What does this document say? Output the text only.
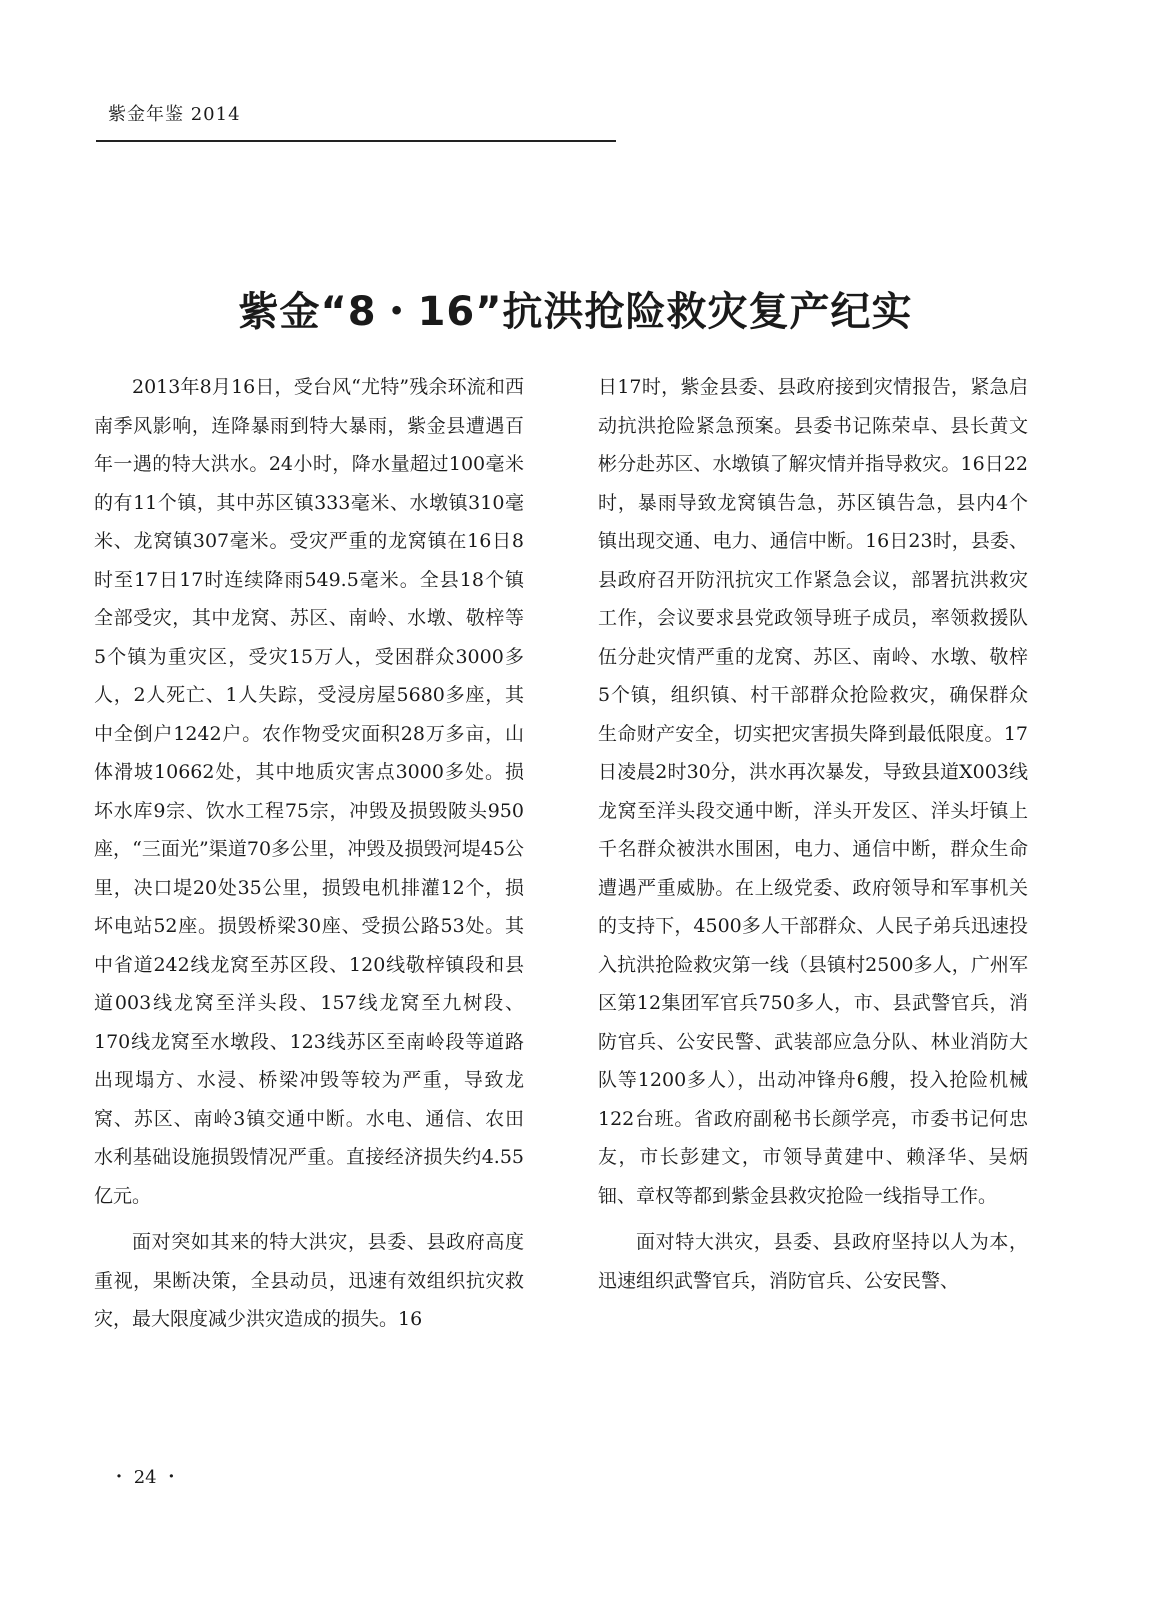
紫金年鉴 2014
紫金“8・16”抗洪抢险救灾复产纪实

2013年8月16日，受台风“尤特”残余环流和西南季风影响，连降暴雨到特大暴雨，紫金县遭遇百年一遇的特大洪水。24小时，降水量超过100毫米的有11个镇，其中苏区镇333毫米、水墩镇310毫米、龙窝镇307毫米。受灾严重的龙窝镇在16日8时至17日17时连续降雨549.5毫米。全县18个镇全部受灾，其中龙窝、苏区、南岭、水墩、敬梓等5个镇为重灾区，受灾15万人，受困群众3000多人，2人死亡、1人失踪，受浸房屋5680多座，其中全倒户1242户。农作物受灾面积28万多亩，山体滑坡10662处，其中地质灾害点3000多处。损坏水库9宗、饮水工程75宗，冲毁及损毁陂头950座，“三面光”渠道70多公里，冲毁及损毁河堤45公里，决口堤20处35公里，损毁电机排灌12个，损坏电站52座。损毁桥梁30座、受损公路53处。其中省道242线龙窝至苏区段、120线敬梓镇段和县道003线龙窝至洋头段、157线龙窝至九树段、170线龙窝至水墩段、123线苏区至南岭段等道路出现塌方、水浸、桥梁冲毁等较为严重，导致龙窝、苏区、南岭3镇交通中断。水电、通信、农田水利基础设施损毁情况严重。直接经济损失约4.55亿元。

面对突如其来的特大洪灾，县委、县政府高度重视，果断决策，全县动员，迅速有效组织抗灾救灾，最大限度减少洪灾造成的损失。16

日17时，紫金县委、县政府接到灾情报告，紧急启动抗洪抢险紧急预案。县委书记陈荣卓、县长黄文彬分赴苏区、水墩镇了解灾情并指导救灾。16日22时，暴雨导致龙窝镇告急，苏区镇告急，县内4个镇出现交通、电力、通信中断。16日23时，县委、县政府召开防汛抗灾工作紧急会议，部署抗洪救灾工作，会议要求县党政领导班子成员，率领救援队伍分赴灾情严重的龙窝、苏区、南岭、水墩、敬梓5个镇，组织镇、村干部群众抢险救灾，确保群众生命财产安全，切实把灾害损失降到最低限度。17日凌晨2时30分，洪水再次暴发，导致县道X003线龙窝至洋头段交通中断，洋头开发区、洋头圩镇上千名群众被洪水围困，电力、通信中断，群众生命遭遇严重威胁。在上级党委、政府领导和军事机关的支持下，4500多人干部群众、人民子弟兵迅速投入抗洪抢险救灾第一线（县镇村2500多人，广州军区第12集团军官兵750多人，市、县武警官兵，消防官兵、公安民警、武装部应急分队、林业消防大队等1200多人），出动冲锋舟6艘，投入抢险机械122台班。省政府副秘书长颜学亮，市委书记何忠友，市长彭建文，市领导黄建中、赖泽华、吴炳钿、章权等都到紫金县救灾抢险一线指导工作。

面对特大洪灾，县委、县政府坚持以人为本，迅速组织武警官兵，消防官兵、公安民警、

・ 24 ・
